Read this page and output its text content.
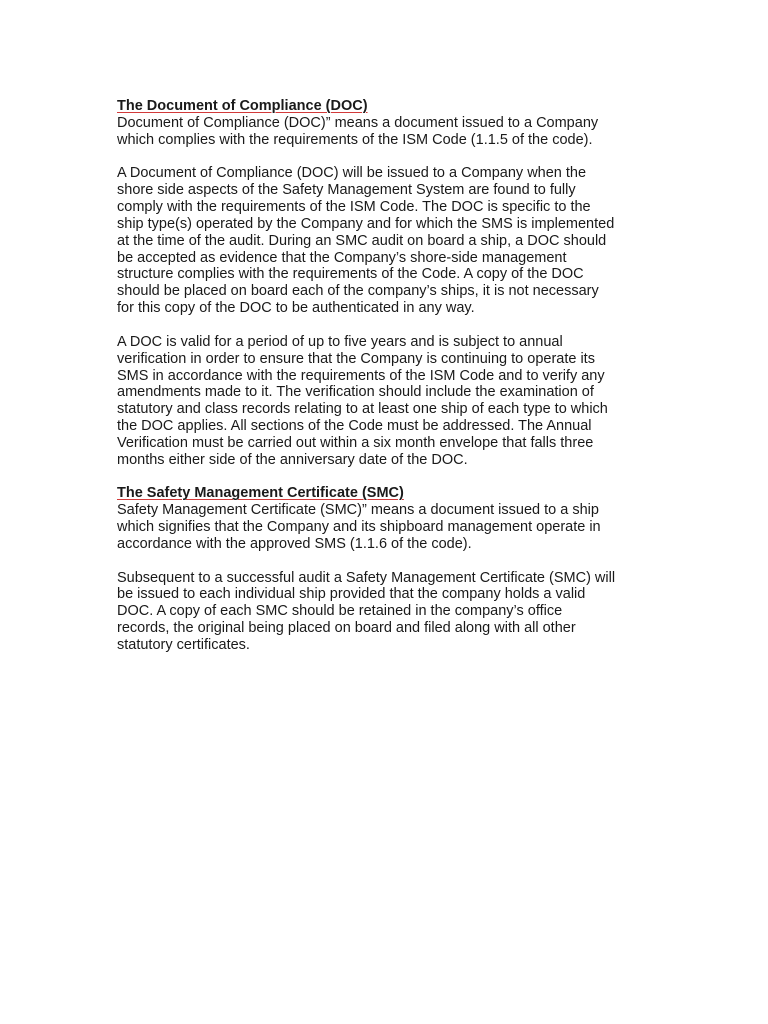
The Document of Compliance (DOC)

Document of Compliance (DOC)” means a document issued to a Company
which complies with the requirements of the ISM Code (1.1.5 of the code).

A Document of Compliance (DOC) will be issued to a Company when the
shore side aspects of the Safety Management System are found to fully
comply with the requirements of the ISM Code. The DOC is specific to the
ship type(s) operated by the Company and for which the SMS is implemented
at the time of the audit. During an SMC audit on board a ship, a DOC should
be accepted as evidence that the Company’s shore-side management
structure complies with the requirements of the Code. A copy of the DOC
should be placed on board each of the company’s ships, it is not necessary
for this copy of the DOC to be authenticated in any way.

A DOC is valid for a period of up to five years and is subject to annual
verification in order to ensure that the Company is continuing to operate its
SMS in accordance with the requirements of the ISM Code and to verify any
amendments made to it. The verification should include the examination of
statutory and class records relating to at least one ship of each type to which
the DOC applies. All sections of the Code must be addressed. The Annual
Verification must be carried out within a six month envelope that falls three
months either side of the anniversary date of the DOC.

The Safety Management Certificate (SMC)

Safety Management Certificate (SMC)” means a document issued to a ship
which signifies that the Company and its shipboard management operate in
accordance with the approved SMS (1.1.6 of the code).

Subsequent to a successful audit a Safety Management Certificate (SMC) will
be issued to each individual ship provided that the company holds a valid
DOC. A copy of each SMC should be retained in the company’s office
records, the original being placed on board and filed along with all other
statutory certificates.
